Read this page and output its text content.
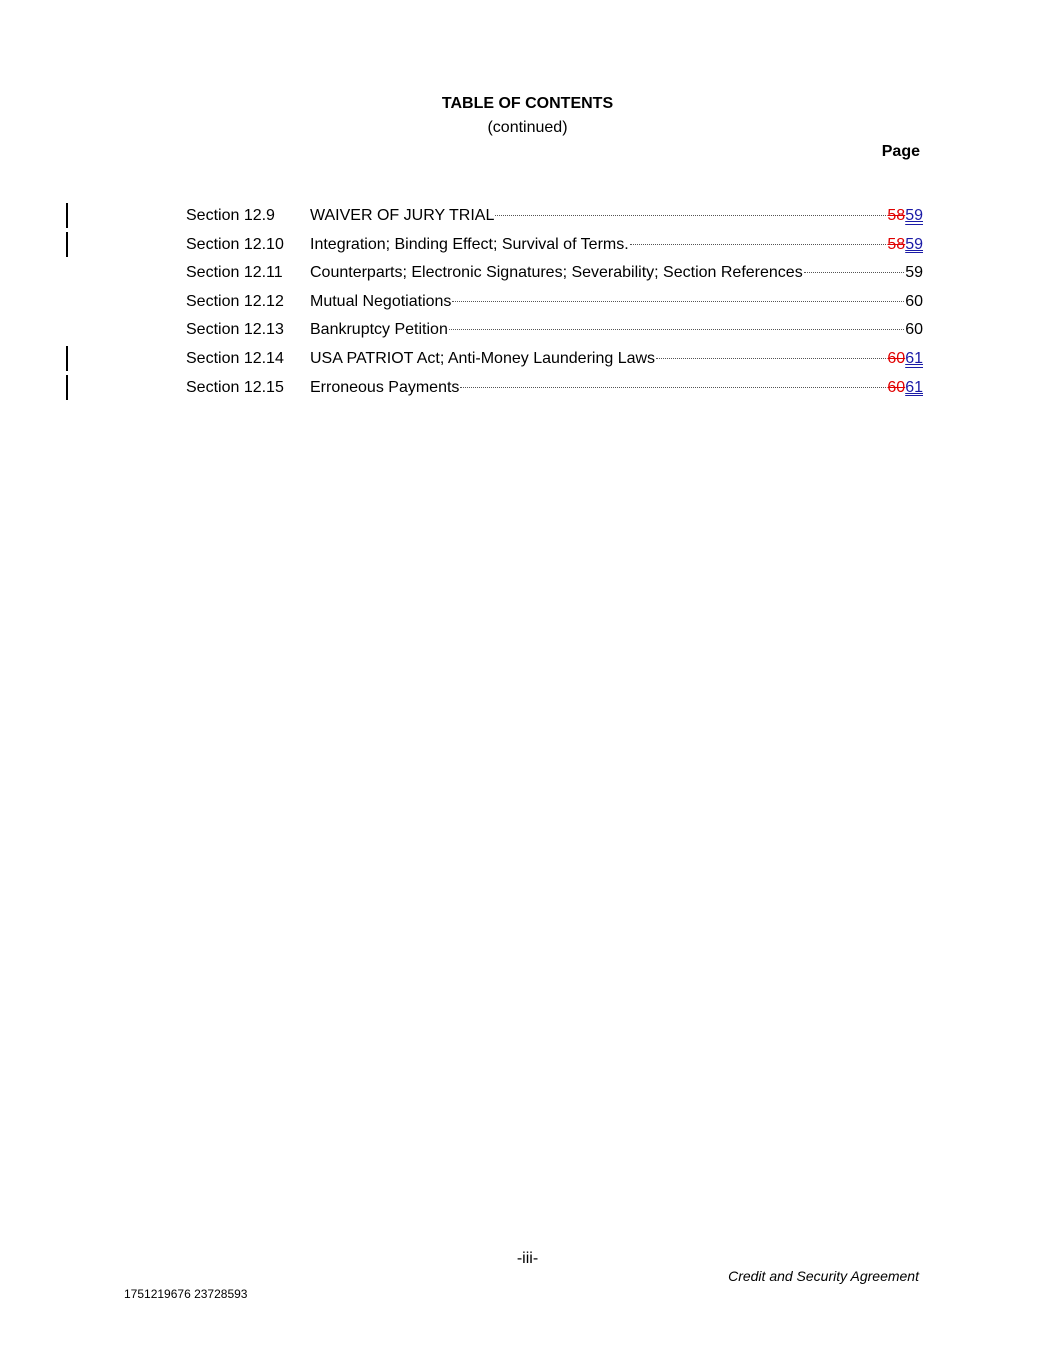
TABLE OF CONTENTS
(continued)
Page
Section 12.9 WAIVER OF JURY TRIAL	5859
Section 12.10 Integration; Binding Effect; Survival of Terms.	5859
Section 12.11 Counterparts; Electronic Signatures; Severability; Section References	59
Section 12.12 Mutual Negotiations	60
Section 12.13 Bankruptcy Petition	60
Section 12.14 USA PATRIOT Act; Anti-Money Laundering Laws	6061
Section 12.15 Erroneous Payments	6061
-iii-
Credit and Security Agreement
1751219676 23728593
